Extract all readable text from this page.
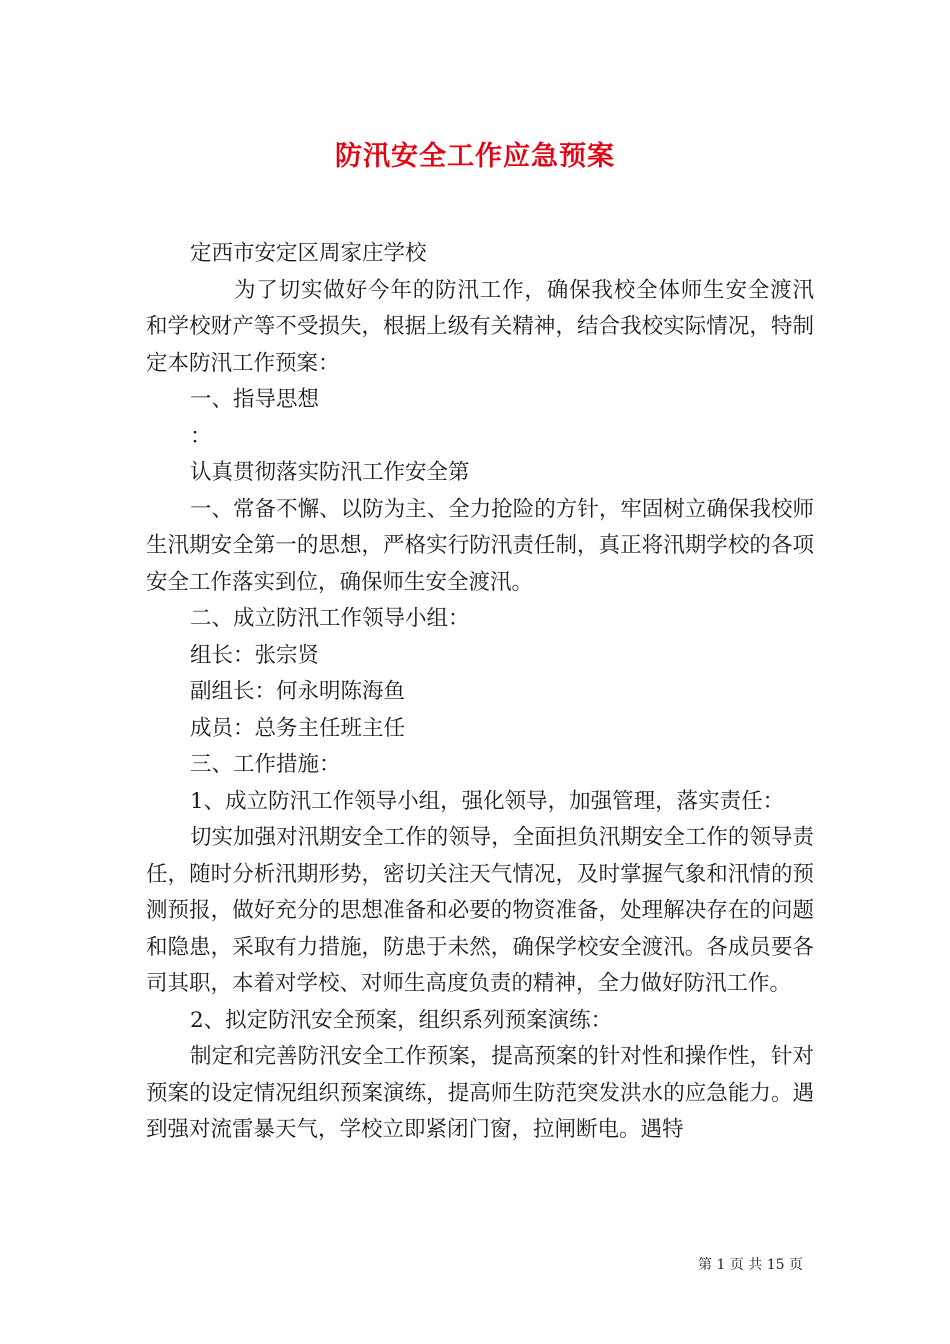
防汛安全工作应急预案

定西市安定区周家庄学校

为了切实做好今年的防汛工作，确保我校全体师生安全渡汛和学校财产等不受损失，根据上级有关精神，结合我校实际情况，特制定本防汛工作预案：

一、指导思想

：

认真贯彻落实防汛工作安全第

一、常备不懈、以防为主、全力抢险的方针，牢固树立确保我校师生汛期安全第一的思想，严格实行防汛责任制，真正将汛期学校的各项安全工作落实到位，确保师生安全渡汛。

二、成立防汛工作领导小组：

组长：张宗贤

副组长：何永明陈海鱼

成员：总务主任班主任

三、工作措施：

1、成立防汛工作领导小组，强化领导，加强管理，落实责任：

切实加强对汛期安全工作的领导，全面担负汛期安全工作的领导责任，随时分析汛期形势，密切关注天气情况，及时掌握气象和汛情的预测预报，做好充分的思想准备和必要的物资准备，处理解决存在的问题和隐患，采取有力措施，防患于未然，确保学校安全渡汛。各成员要各司其职，本着对学校、对师生高度负责的精神，全力做好防汛工作。

2、拟定防汛安全预案，组织系列预案演练：

制定和完善防汛安全工作预案，提高预案的针对性和操作性，针对预案的设定情况组织预案演练，提高师生防范突发洪水的应急能力。遇到强对流雷暴天气，学校立即紧闭门窗，拉闸断电。遇特

第 1 页 共 15 页
